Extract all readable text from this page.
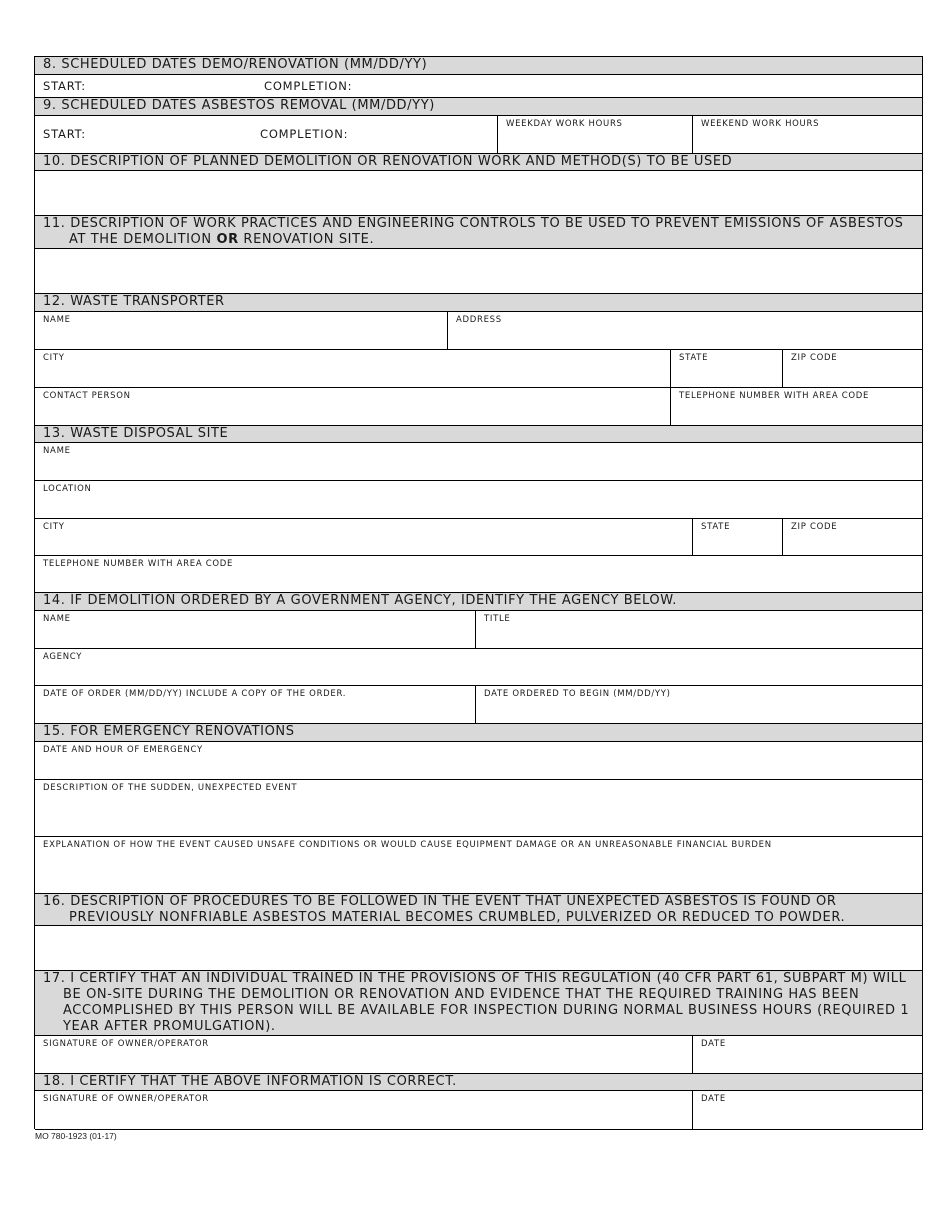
8. SCHEDULED DATES DEMO/RENOVATION (MM/DD/YY)
START:	COMPLETION:
9. SCHEDULED DATES ASBESTOS REMOVAL (MM/DD/YY)
START:	COMPLETION:
WEEKDAY WORK HOURS	WEEKEND WORK HOURS
10. DESCRIPTION OF PLANNED DEMOLITION OR RENOVATION WORK AND METHOD(S) TO BE USED
11. DESCRIPTION OF WORK PRACTICES AND ENGINEERING CONTROLS TO BE USED TO PREVENT EMISSIONS OF ASBESTOS
AT THE DEMOLITION OR RENOVATION SITE.
12. WASTE TRANSPORTER
NAME	ADDRESS
CITY	STATE	ZIP CODE
CONTACT PERSON	TELEPHONE NUMBER WITH AREA CODE
13. WASTE DISPOSAL SITE
NAME
LOCATION
CITY	STATE	ZIP CODE
TELEPHONE NUMBER WITH AREA CODE
14. IF DEMOLITION ORDERED BY A GOVERNMENT AGENCY, IDENTIFY THE AGENCY BELOW.
NAME	TITLE
AGENCY
DATE OF ORDER (MM/DD/YY) INCLUDE A COPY OF THE ORDER.	DATE ORDERED TO BEGIN (MM/DD/YY)
15. FOR EMERGENCY RENOVATIONS
DATE AND HOUR OF EMERGENCY
DESCRIPTION OF THE SUDDEN, UNEXPECTED EVENT
EXPLANATION OF HOW THE EVENT CAUSED UNSAFE CONDITIONS OR WOULD CAUSE EQUIPMENT DAMAGE OR AN UNREASONABLE FINANCIAL BURDEN
16. DESCRIPTION OF PROCEDURES TO BE FOLLOWED IN THE EVENT THAT UNEXPECTED ASBESTOS IS FOUND OR
PREVIOUSLY NONFRIABLE ASBESTOS MATERIAL BECOMES CRUMBLED, PULVERIZED OR REDUCED TO POWDER.
17. I CERTIFY THAT AN INDIVIDUAL TRAINED IN THE PROVISIONS OF THIS REGULATION (40 CFR PART 61, SUBPART M) WILL
BE ON-SITE DURING THE DEMOLITION OR RENOVATION AND EVIDENCE THAT THE REQUIRED TRAINING HAS BEEN
ACCOMPLISHED BY THIS PERSON WILL BE AVAILABLE FOR INSPECTION DURING NORMAL BUSINESS HOURS (REQUIRED 1
YEAR AFTER PROMULGATION).
SIGNATURE OF OWNER/OPERATOR	DATE
18. I CERTIFY THAT THE ABOVE INFORMATION IS CORRECT.
SIGNATURE OF OWNER/OPERATOR	DATE
MO 780-1923 (01-17)
